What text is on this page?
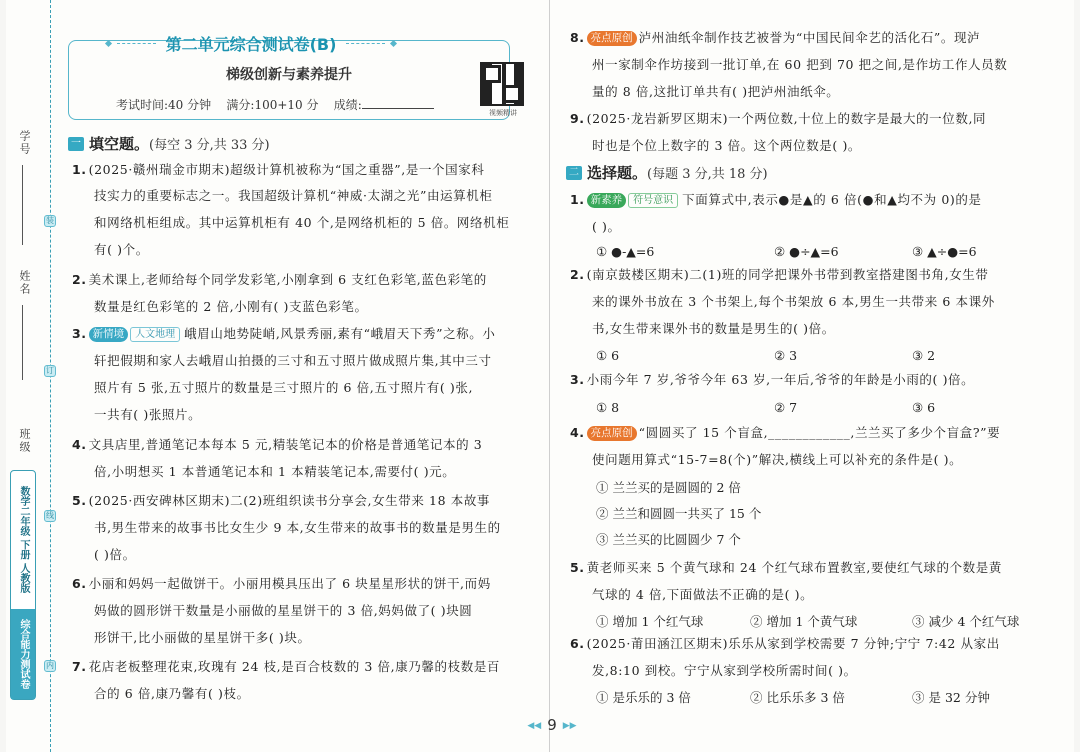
学号
姓名
班级
装
订
线
内
数学二年级 下册 人教版
综合能力测试卷
第二单元综合测试卷(B)
梯级创新与素养提升
考试时间:40 分钟 满分:100+10 分 成绩:
视频精讲
一 填空题。 (每空 3 分,共 33 分)
1. (2025·赣州瑞金市期末)超级计算机被称为“国之重器”,是一个国家科
技实力的重要标志之一。我国超级计算机“神威·太湖之光”由运算机柜
和网络机柜组成。其中运算机柜有 40 个,是网络机柜的 5 倍。网络机柜
有( )个。
2. 美术课上,老师给每个同学发彩笔,小刚拿到 6 支红色彩笔,蓝色彩笔的
数量是红色彩笔的 2 倍,小刚有( )支蓝色彩笔。
3. 新情境 人文地理 峨眉山地势陡峭,风景秀丽,素有“峨眉天下秀”之称。小
轩把假期和家人去峨眉山拍摄的三寸和五寸照片做成照片集,其中三寸
照片有 5 张,五寸照片的数量是三寸照片的 6 倍,五寸照片有( )张,
一共有( )张照片。
4. 文具店里,普通笔记本每本 5 元,精装笔记本的价格是普通笔记本的 3
倍,小明想买 1 本普通笔记本和 1 本精装笔记本,需要付( )元。
5. (2025·西安碑林区期末)二(2)班组织读书分享会,女生带来 18 本故事
书,男生带来的故事书比女生少 9 本,女生带来的故事书的数量是男生的
( )倍。
6. 小丽和妈妈一起做饼干。小丽用模具压出了 6 块星星形状的饼干,而妈
妈做的圆形饼干数量是小丽做的星星饼干的 3 倍,妈妈做了( )块圆
形饼干,比小丽做的星星饼干多( )块。
7. 花店老板整理花束,玫瑰有 24 枝,是百合枝数的 3 倍,康乃馨的枝数是百
合的 6 倍,康乃馨有( )枝。
二 选择题。 (每题 3 分,共 18 分)
8. 亮点原创 泸州油纸伞制作技艺被誉为“中国民间伞艺的活化石”。现泸
州一家制伞作坊接到一批订单,在 60 把到 70 把之间,是作坊工作人员数
量的 8 倍,这批订单共有( )把泸州油纸伞。
9. (2025·龙岩新罗区期末)一个两位数,十位上的数字是最大的一位数,同
时也是个位上数字的 3 倍。这个两位数是( )。
1. 新素养 符号意识 下面算式中,表示●是▲的 6 倍(●和▲均不为 0)的是
( )。
2. (南京鼓楼区期末)二(1)班的同学把课外书带到教室搭建图书角,女生带
来的课外书放在 3 个书架上,每个书架放 6 本,男生一共带来 6 本课外
书,女生带来课外书的数量是男生的( )倍。
3. 小雨今年 7 岁,爷爷今年 63 岁,一年后,爷爷的年龄是小雨的( )倍。
4. 亮点原创 “圆圆买了 15 个盲盒,____________,兰兰买了多少个盲盒?”要
使问题用算式“15-7=8(个)”解决,横线上可以补充的条件是( )。
5. 黄老师买来 5 个黄气球和 24 个红气球布置教室,要使红气球的个数是黄
气球的 4 倍,下面做法不正确的是( )。
6. (2025·莆田涵江区期末)乐乐从家到学校需要 7 分钟;宁宁 7:42 从家出
发,8:10 到校。宁宁从家到学校所需时间( )。
① ●-▲=6	② ●÷▲=6	③ ▲÷●=6
① 6	② 3	③ 2
① 8	② 7	③ 6
① 兰兰买的是圆圆的 2 倍
② 兰兰和圆圆一共买了 15 个
③ 兰兰买的比圆圆少 7 个
① 增加 1 个红气球	② 增加 1 个黄气球	③ 减少 4 个红气球
① 是乐乐的 3 倍	② 比乐乐多 3 倍	③ 是 32 分钟
◀◀ 9 ▶▶
